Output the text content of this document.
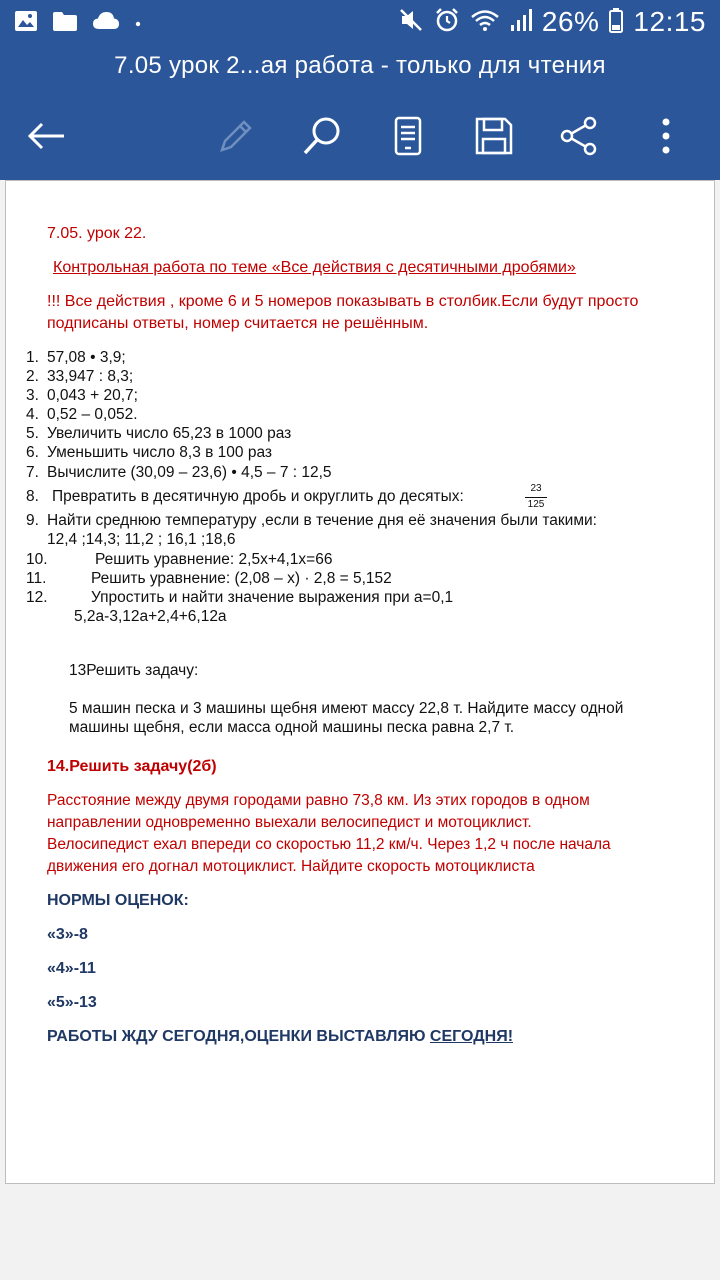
26% 12:15
7.05 урок 2...ая работа - только для чтения
7.05. урок 22.
Контрольная работа по теме «Все действия с десятичными дробями»
!!! Все действия , кроме 6 и 5 номеров показывать в столбик.Если будут просто
подписаны ответы, номер считается не решённым.
1. 57,08 • 3,9;
2. 33,947 : 8,3;
3. 0,043 + 20,7;
4. 0,52 – 0,052.
5. Увеличить число 65,23 в 1000 раз
6. Уменьшить число 8,3 в 100 раз
7. Вычислите (30,09 – 23,6) • 4,5 – 7 : 12,5
8. Превратить в десятичную дробь и округлить до десятых:	23
125
9. Найти среднюю температуру ,если в течение дня её значения были такими:
12,4 ;14,3; 11,2 ; 16,1 ;18,6
10.	Решить уравнение: 2,5х+4,1х=66
11.	Решить уравнение: (2,08 – х) · 2,8 = 5,152
12.	Упростить и найти значение выражения при а=0,1
5,2а-3,12а+2,4+6,12а
13Решить задачу:
5 машин песка и 3 машины щебня имеют массу 22,8 т. Найдите массу одной
машины щебня, если масса одной машины песка равна 2,7 т.
14.Решить задачу(2б)
Расстояние между двумя городами равно 73,8 км. Из этих городов в одном
направлении одновременно выехали велосипедист и мотоциклист.
Велосипедист ехал впереди со скоростью 11,2 км/ч. Через 1,2 ч после начала
движения его догнал мотоциклист. Найдите скорость мотоциклиста
НОРМЫ ОЦЕНОК:
«3»-8
«4»-11
«5»-13
РАБОТЫ ЖДУ СЕГОДНЯ,ОЦЕНКИ ВЫСТАВЛЯЮ СЕГОДНЯ!
